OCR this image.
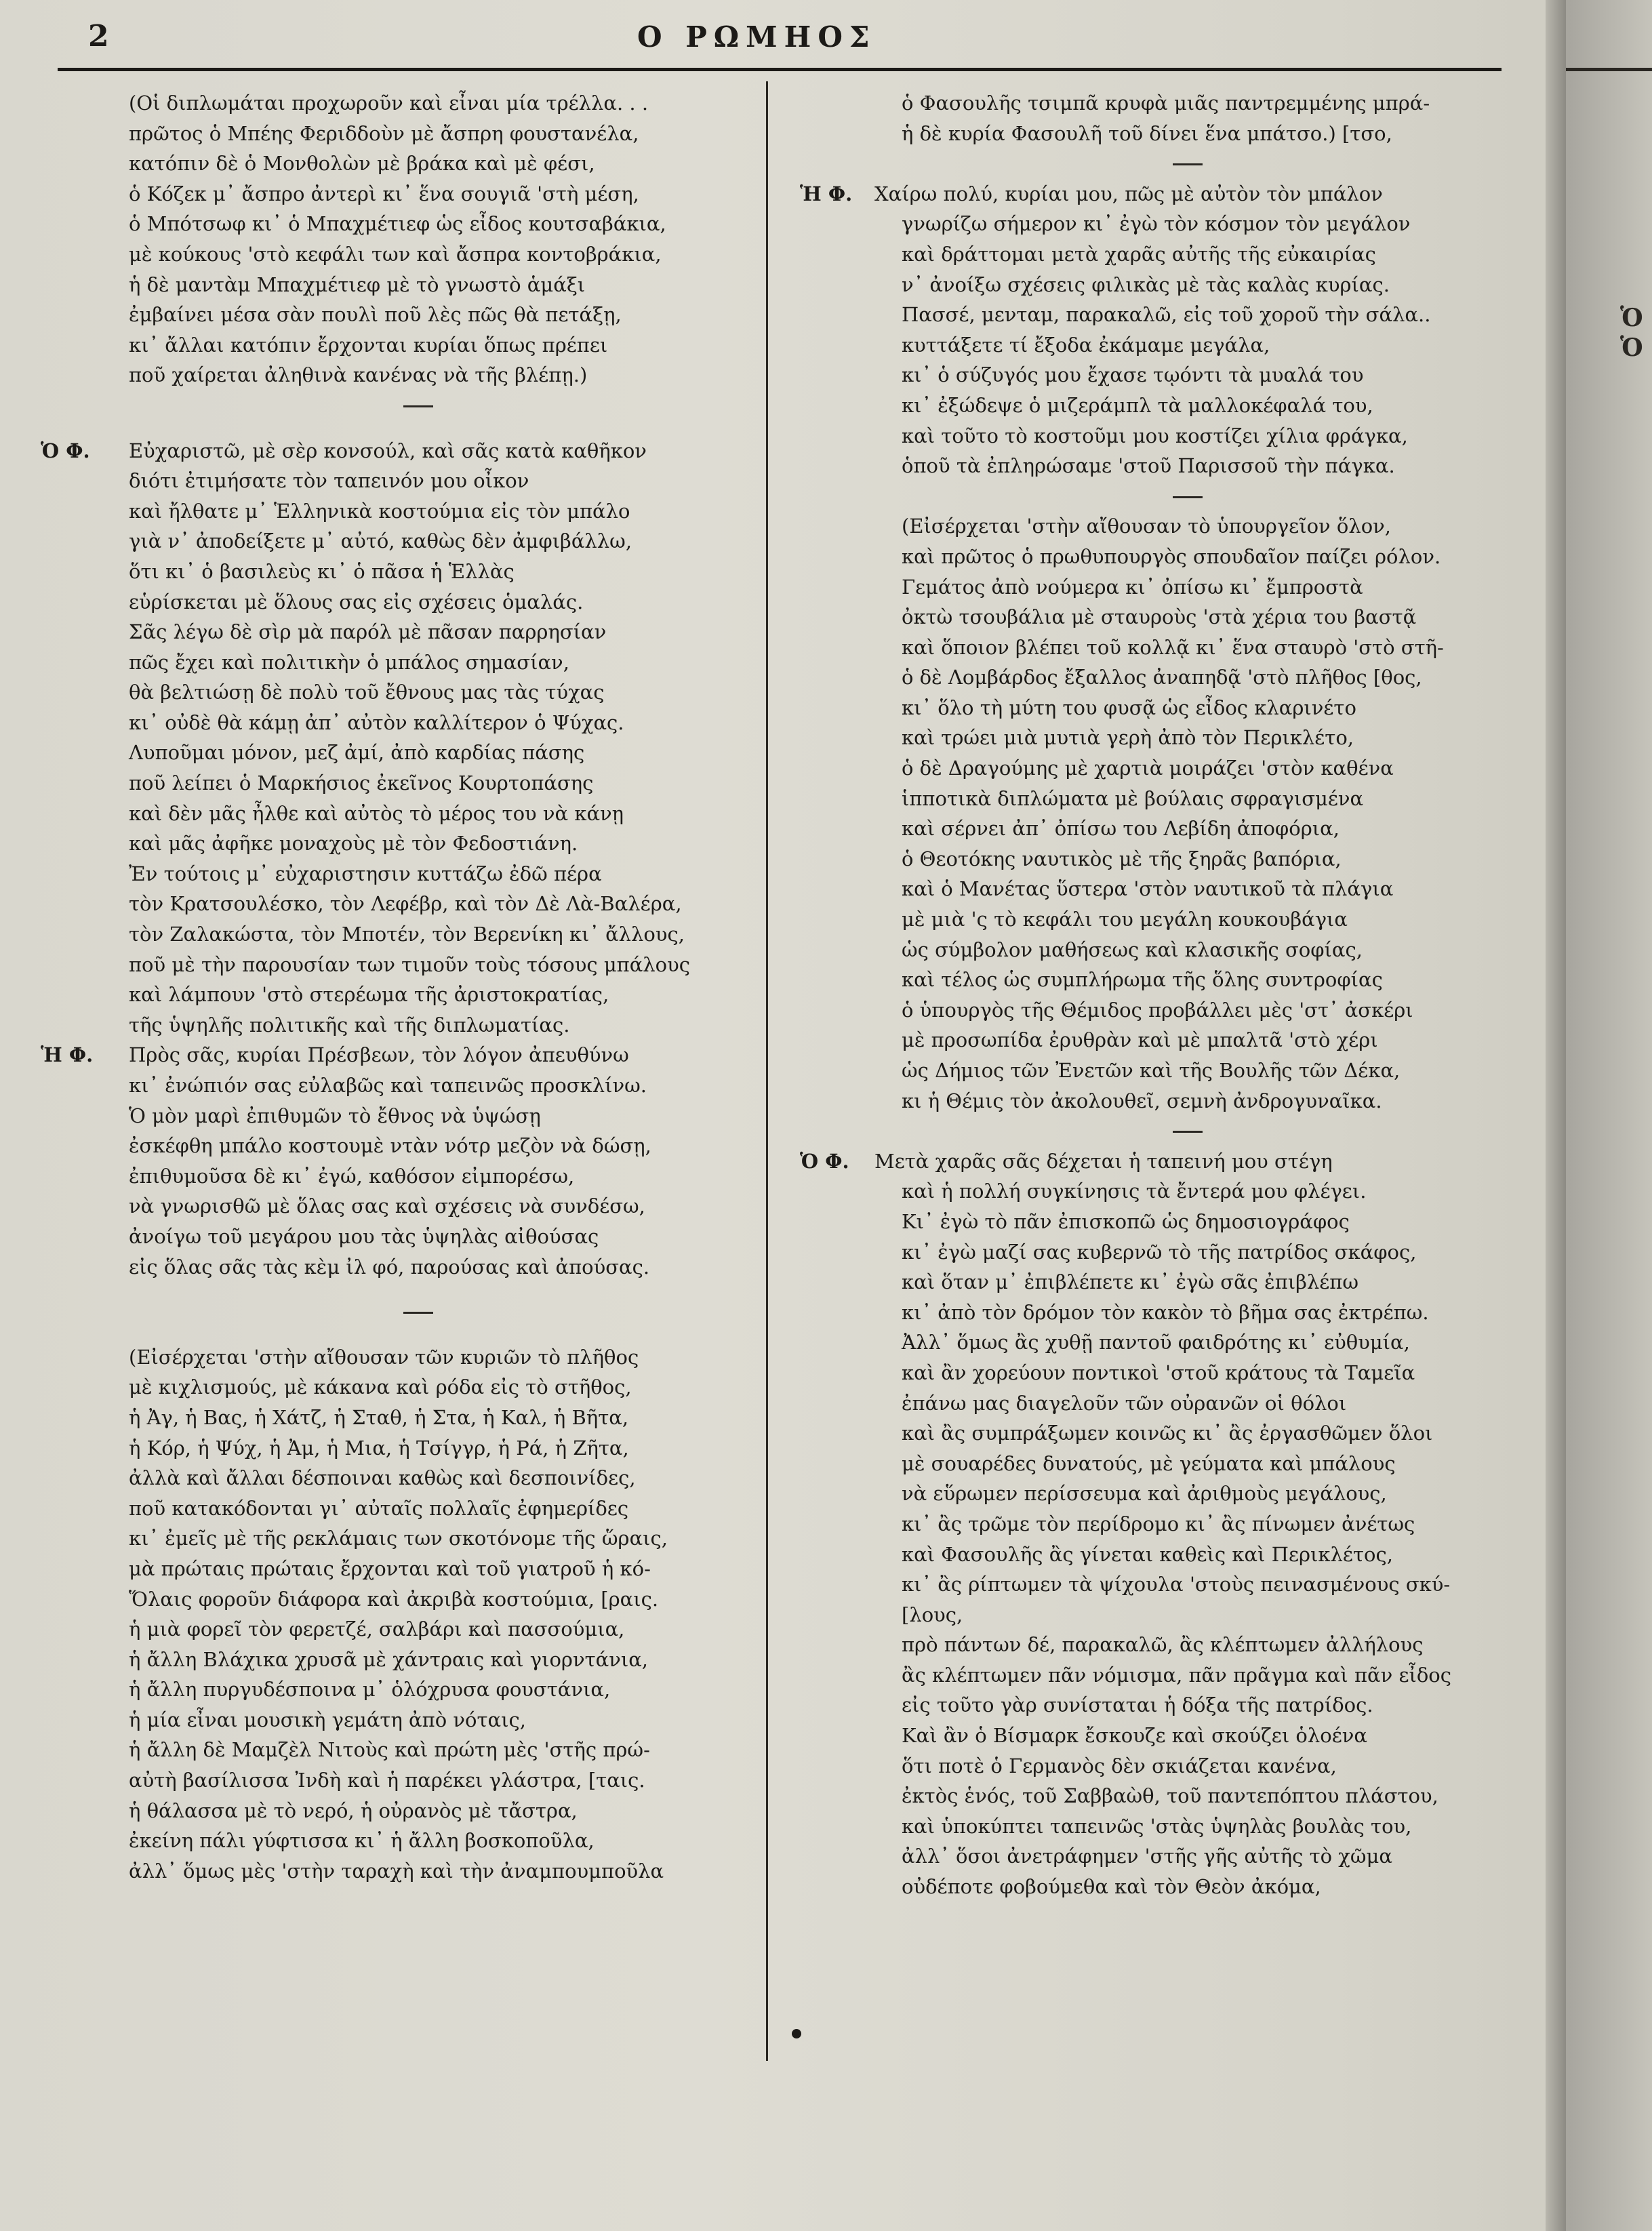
2	Ο ΡΩΜΗΟΣ
(Οἱ διπλωμάται προχωροῦν καὶ εἶναι μία τρέλλα. . .
πρῶτος ὁ Μπέης Φεριδδοὺν μὲ ἄσπρη φουστανέλα,
κατόπιν δὲ ὁ Μονθολὼν μὲ βράκα καὶ μὲ φέσι,
ὁ Κόζεκ μ᾽ ἄσπρο ἀντερὶ κι᾽ ἕνα σουγιᾶ 'στὴ μέση,
ὁ Μπότσωφ κι᾽ ὁ Μπαχμέτιεφ ὡς εἶδος κουτσαβάκια,
μὲ κούκους 'στὸ κεφάλι των καὶ ἄσπρα κοντοβράκια,
ἡ δὲ μαντὰμ Μπαχμέτιεφ μὲ τὸ γνωστὸ ἁμάξι
ἐμβαίνει μέσα σὰν πουλὶ ποῦ λὲς πῶς θὰ πετάξῃ,
κι᾽ ἄλλαι κατόπιν ἔρχονται κυρίαι ὅπως πρέπει
ποῦ χαίρεται ἀληθινὰ κανένας νὰ τῆς βλέπῃ.)
Ὁ Φ. Εὐχαριστῶ, μὲ σὲρ κονσούλ, καὶ σᾶς κατὰ καθῆκον
διότι ἐτιμήσατε τὸν ταπεινόν μου οἶκον
καὶ ἤλθατε μ᾽ Ἑλληνικὰ κοστούμια εἰς τὸν μπάλο
γιὰ ν᾽ ἀποδείξετε μ᾽ αὐτό, καθὼς δὲν ἀμφιβάλλω,
ὅτι κι᾽ ὁ βασιλεὺς κι᾽ ὁ πᾶσα ἡ Ἑλλὰς
εὑρίσκεται μὲ ὅλους σας εἰς σχέσεις ὁμαλάς.
Σᾶς λέγω δὲ σὶρ μὰ παρόλ μὲ πᾶσαν παρρησίαν
πῶς ἔχει καὶ πολιτικὴν ὁ μπάλος σημασίαν,
θὰ βελτιώσῃ δὲ πολὺ τοῦ ἔθνους μας τὰς τύχας
κι᾽ οὐδὲ θὰ κάμῃ ἀπ᾽ αὐτὸν καλλίτερον ὁ Ψύχας.
Λυποῦμαι μόνον, μεζ ἀμί, ἀπὸ καρδίας πάσης
ποῦ λείπει ὁ Μαρκήσιος ἐκεῖνος Κουρτοπάσης
καὶ δὲν μᾶς ἦλθε καὶ αὐτὸς τὸ μέρος του νὰ κάνῃ
καὶ μᾶς ἀφῆκε μοναχοὺς μὲ τὸν Φεδοστιάνη.
Ἐν τούτοις μ᾽ εὐχαριστησιν κυττάζω ἐδῶ πέρα
τὸν Κρατσουλέσκο, τὸν Λεφέβρ, καὶ τὸν Δὲ Λὰ-Βαλέρα,
τὸν Ζαλακώστα, τὸν Μποτέν, τὸν Βερενίκη κι᾽ ἄλλους,
ποῦ μὲ τὴν παρουσίαν των τιμοῦν τοὺς τόσους μπάλους
καὶ λάμπουν 'στὸ στερέωμα τῆς ἀριστοκρατίας,
τῆς ὑψηλῆς πολιτικῆς καὶ τῆς διπλωματίας.
Ἡ Φ. Πρὸς σᾶς, κυρίαι Πρέσβεων, τὸν λόγον ἀπευθύνω
κι᾽ ἐνώπιόν σας εὐλαβῶς καὶ ταπεινῶς προσκλίνω.
Ὁ μὸν μαρὶ ἐπιθυμῶν τὸ ἔθνος νὰ ὑψώσῃ
ἐσκέφθη μπάλο κοστουμὲ ντὰν νότρ μεζὸν νὰ δώσῃ,
ἐπιθυμοῦσα δὲ κι᾽ ἐγώ, καθόσον εἰμπορέσω,
νὰ γνωρισθῶ μὲ ὅλας σας καὶ σχέσεις νὰ συνδέσω,
ἀνοίγω τοῦ μεγάρου μου τὰς ὑψηλὰς αἰθούσας
εἰς ὅλας σᾶς τὰς κὲμ ἰλ φό, παρούσας καὶ ἀπούσας.
(Εἰσέρχεται 'στὴν αἴθουσαν τῶν κυριῶν τὸ πλῆθος
μὲ κιχλισμούς, μὲ κάκανα καὶ ρόδα εἰς τὸ στῆθος,
ἡ Ἀγ, ἡ Βας, ἡ Χάτζ, ἡ Σταθ, ἡ Στα, ἡ Καλ, ἡ Βῆτα,
ἡ Κόρ, ἡ Ψύχ, ἡ Ἀμ, ἡ Μια, ἡ Τσίγγρ, ἡ Ρά, ἡ Ζῆτα,
ἀλλὰ καὶ ἄλλαι δέσποιναι καθὼς καὶ δεσποινίδες,
ποῦ κατακόδονται γι᾽ αὐταῖς πολλαῖς ἐφημερίδες
κι᾽ ἐμεῖς μὲ τῆς ρεκλάμαις των σκοτόνομε τῆς ὥραις,
μὰ πρώταις πρώταις ἔρχονται καὶ τοῦ γιατροῦ ἡ κό-
Ὅλαις φοροῦν διάφορα καὶ ἀκριβὰ κοστούμια, [ραις.
ἡ μιὰ φορεῖ τὸν φερετζέ, σαλβάρι καὶ πασσούμια,
ἡ ἄλλη Βλάχικα χρυσᾶ μὲ χάντραις καὶ γιορντάνια,
ἡ ἄλλη πυργυδέσποινα μ᾽ ὁλόχρυσα φουστάνια,
ἡ μία εἶναι μουσικὴ γεμάτη ἀπὸ νόταις,
ἡ ἄλλη δὲ Μαμζὲλ Νιτοὺς καὶ πρώτη μὲς 'στῆς πρώ-
αὐτὴ βασίλισσα Ἰνδὴ καὶ ἡ παρέκει γλάστρα, [ταις.
ἡ θάλασσα μὲ τὸ νερό, ἡ οὐρανὸς μὲ τἄστρα,
ἐκείνη πάλι γύφτισσα κι᾽ ἡ ἄλλη βοσκοποῦλα,
ἀλλ᾽ ὅμως μὲς 'στὴν ταραχὴ καὶ τὴν ἀναμπουμποῦλα
ὁ Φασουλῆς τσιμπᾶ κρυφὰ μιᾶς παντρεμμένης μπρά-
ἡ δὲ κυρία Φασουλῆ τοῦ δίνει ἕνα μπάτσο.) [τσο,
Ἡ Φ. Χαίρω πολύ, κυρίαι μου, πῶς μὲ αὐτὸν τὸν μπάλον
γνωρίζω σήμερον κι᾽ ἐγὼ τὸν κόσμον τὸν μεγάλον
καὶ δράττομαι μετὰ χαρᾶς αὐτῆς τῆς εὐκαιρίας
ν᾽ ἀνοίξω σχέσεις φιλικὰς μὲ τὰς καλὰς κυρίας.
Πασσέ, μενταμ, παρακαλῶ, εἰς τοῦ χοροῦ τὴν σάλα..
κυττάξετε τί ἔξοδα ἐκάμαμε μεγάλα,
κι᾽ ὁ σύζυγός μου ἔχασε τῳόντι τὰ μυαλά του
κι᾽ ἐξώδεψε ὁ μιζεράμπλ τὰ μαλλοκέφαλά του,
καὶ τοῦτο τὸ κοστοῦμι μου κοστίζει χίλια φράγκα,
ὁποῦ τὰ ἐπληρώσαμε 'στοῦ Παρισσοῦ τὴν πάγκα.
(Εἰσέρχεται 'στὴν αἴθουσαν τὸ ὑπουργεῖον ὅλον,
καὶ πρῶτος ὁ πρωθυπουργὸς σπουδαῖον παίζει ρόλον.
Γεμάτος ἀπὸ νούμερα κι᾽ ὀπίσω κι᾽ ἔμπροστὰ
ὀκτὼ τσουβάλια μὲ σταυροὺς 'στὰ χέρια του βαστᾷ
καὶ ὅποιον βλέπει τοῦ κολλᾷ κι᾽ ἕνα σταυρὸ 'στὸ στῆ-
ὁ δὲ Λομβάρδος ἔξαλλος ἀναπηδᾷ 'στὸ πλῆθος [θος,
κι᾽ ὅλο τὴ μύτη του φυσᾷ ὡς εἶδος κλαρινέτο
καὶ τρώει μιὰ μυτιὰ γερὴ ἀπὸ τὸν Περικλέτο,
ὁ δὲ Δραγούμης μὲ χαρτιὰ μοιράζει 'στὸν καθένα
ἱπποτικὰ διπλώματα μὲ βούλαις σφραγισμένα
καὶ σέρνει ἀπ᾽ ὀπίσω του Λεβίδη ἀποφόρια,
ὁ Θεοτόκης ναυτικὸς μὲ τῆς ξηρᾶς βαπόρια,
καὶ ὁ Μανέτας ὕστερα 'στὸν ναυτικοῦ τὰ πλάγια
μὲ μιὰ 'ς τὸ κεφάλι του μεγάλη κουκουβάγια
ὡς σύμβολον μαθήσεως καὶ κλασικῆς σοφίας,
καὶ τέλος ὡς συμπλήρωμα τῆς ὅλης συντροφίας
ὁ ὑπουργὸς τῆς Θέμιδος προβάλλει μὲς 'στ᾽ ἀσκέρι
μὲ προσωπίδα ἐρυθρὰν καὶ μὲ μπαλτᾶ 'στὸ χέρι
ὡς Δήμιος τῶν Ἐνετῶν καὶ τῆς Βουλῆς τῶν Δέκα,
κι ἡ Θέμις τὸν ἀκολουθεῖ, σεμνὴ ἀνδρογυναῖκα.
Ὁ Φ. Μετὰ χαρᾶς σᾶς δέχεται ἡ ταπεινή μου στέγη
καὶ ἡ πολλή συγκίνησις τὰ ἔντερά μου φλέγει.
Κι᾽ ἐγὼ τὸ πᾶν ἐπισκοπῶ ὡς δημοσιογράφος
κι᾽ ἐγὼ μαζί σας κυβερνῶ τὸ τῆς πατρίδος σκάφος,
καὶ ὅταν μ᾽ ἐπιβλέπετε κι᾽ ἐγὼ σᾶς ἐπιβλέπω
κι᾽ ἀπὸ τὸν δρόμον τὸν κακὸν τὸ βῆμα σας ἐκτρέπω.
Ἀλλ᾽ ὅμως ἂς χυθῇ παντοῦ φαιδρότης κι᾽ εὐθυμία,
καὶ ἂν χορεύουν ποντικοὶ 'στοῦ κράτους τὰ Ταμεῖα
ἐπάνω μας διαγελοῦν τῶν οὐρανῶν οἱ θόλοι
καὶ ἂς συμπράξωμεν κοινῶς κι᾽ ἂς ἐργασθῶμεν ὅλοι
μὲ σουαρέδες δυνατούς, μὲ γεύματα καὶ μπάλους
νὰ εὕρωμεν περίσσευμα καὶ ἀριθμοὺς μεγάλους,
κι᾽ ἂς τρῶμε τὸν περίδρομο κι᾽ ἂς πίνωμεν ἀνέτως
καὶ Φασουλῆς ἂς γίνεται καθεὶς καὶ Περικλέτος,
κι᾽ ἂς ρίπτωμεν τὰ ψίχουλα 'στοὺς πεινασμένους σκύ-
[λους,
πρὸ πάντων δέ, παρακαλῶ, ἂς κλέπτωμεν ἀλλήλους
ἂς κλέπτωμεν πᾶν νόμισμα, πᾶν πρᾶγμα καὶ πᾶν εἶδος
εἰς τοῦτο γὰρ συνίσταται ἡ δόξα τῆς πατρίδος.
Καὶ ἂν ὁ Βίσμαρκ ἔσκουζε καὶ σκούζει ὁλοένα
ὅτι ποτὲ ὁ Γερμανὸς δὲν σκιάζεται κανένα,
ἐκτὸς ἑνός, τοῦ Σαββαὼθ, τοῦ παντεπόπτου πλάστου,
καὶ ὑποκύπτει ταπεινῶς 'στὰς ὑψηλὰς βουλὰς του,
ἀλλ᾽ ὅσοι ἀνετράφημεν 'στῆς γῆς αὐτῆς τὸ χῶμα
οὐδέποτε φοβούμεθα καὶ τὸν Θεὸν ἀκόμα,
Ὁ
Ὁ
